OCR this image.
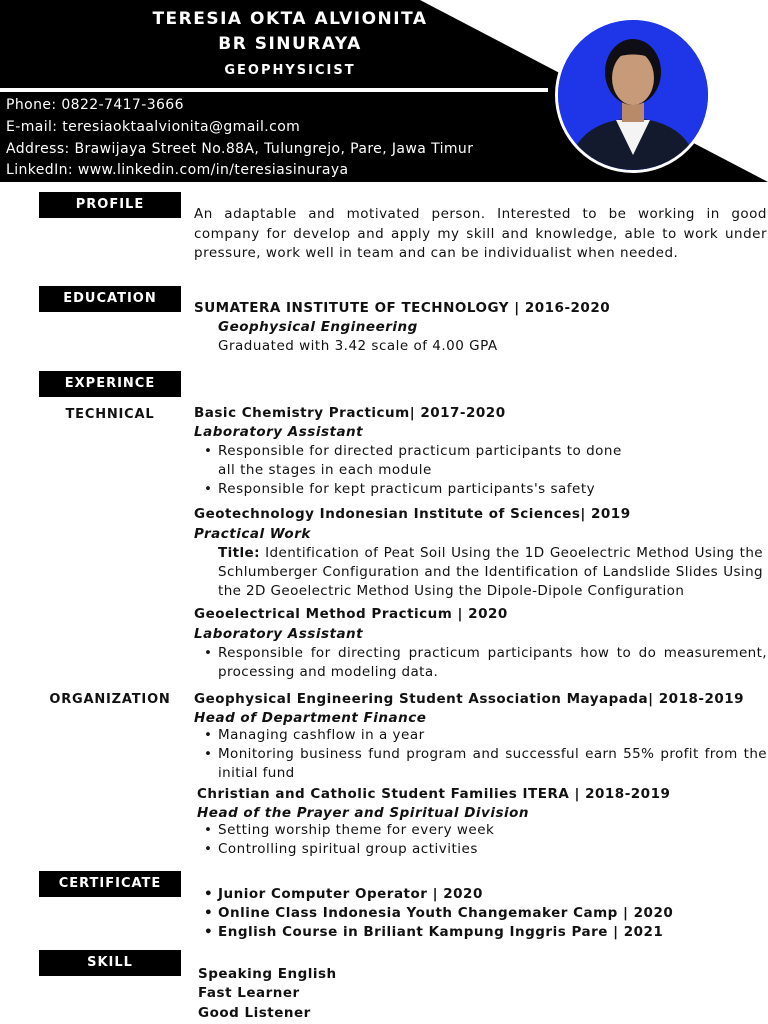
TERESIA OKTA ALVIONITA
BR SINURAYA
GEOPHYSICIST
Phone: 0822-7417-3666
E-mail: teresiaoktaalvionita@gmail.com
Address: Brawijaya Street No.88A, Tulungrejo, Pare, Jawa Timur
LinkedIn: www.linkedin.com/in/teresiasinuraya
PROFILE
An adaptable and motivated person. Interested to be working in good company for develop and apply my skill and knowledge, able to work under pressure, work well in team and can be individualist when needed.
EDUCATION
SUMATERA INSTITUTE OF TECHNOLOGY | 2016-2020
Geophysical Engineering
Graduated with 3.42 scale of 4.00 GPA
EXPERINCE
TECHNICAL	Basic Chemistry Practicum| 2017-2020
Laboratory Assistant
• Responsible for directed practicum participants to done
all the stages in each module
• Responsible for kept practicum participants's safety
Geotechnology Indonesian Institute of Sciences| 2019
Practical Work
Title: Identification of Peat Soil Using the 1D Geoelectric Method Using the Schlumberger Configuration and the Identification of Landslide Slides Using the 2D Geoelectric Method Using the Dipole-Dipole Configuration
Geoelectrical Method Practicum | 2020
Laboratory Assistant
• Responsible for directing practicum participants how to do measurement, processing and modeling data.
ORGANIZATION	Geophysical Engineering Student Association Mayapada| 2018-2019
Head of Department Finance
• Managing cashflow in a year
• Monitoring business fund program and successful earn 55% profit from the initial fund
Christian and Catholic Student Families ITERA | 2018-2019
Head of the Prayer and Spiritual Division
• Setting worship theme for every week
• Controlling spiritual group activities
CERTIFICATE
• Junior Computer Operator | 2020
• Online Class Indonesia Youth Changemaker Camp | 2020
• English Course in Briliant Kampung Inggris Pare | 2021
SKILL
Speaking English
Fast Learner
Good Listener
